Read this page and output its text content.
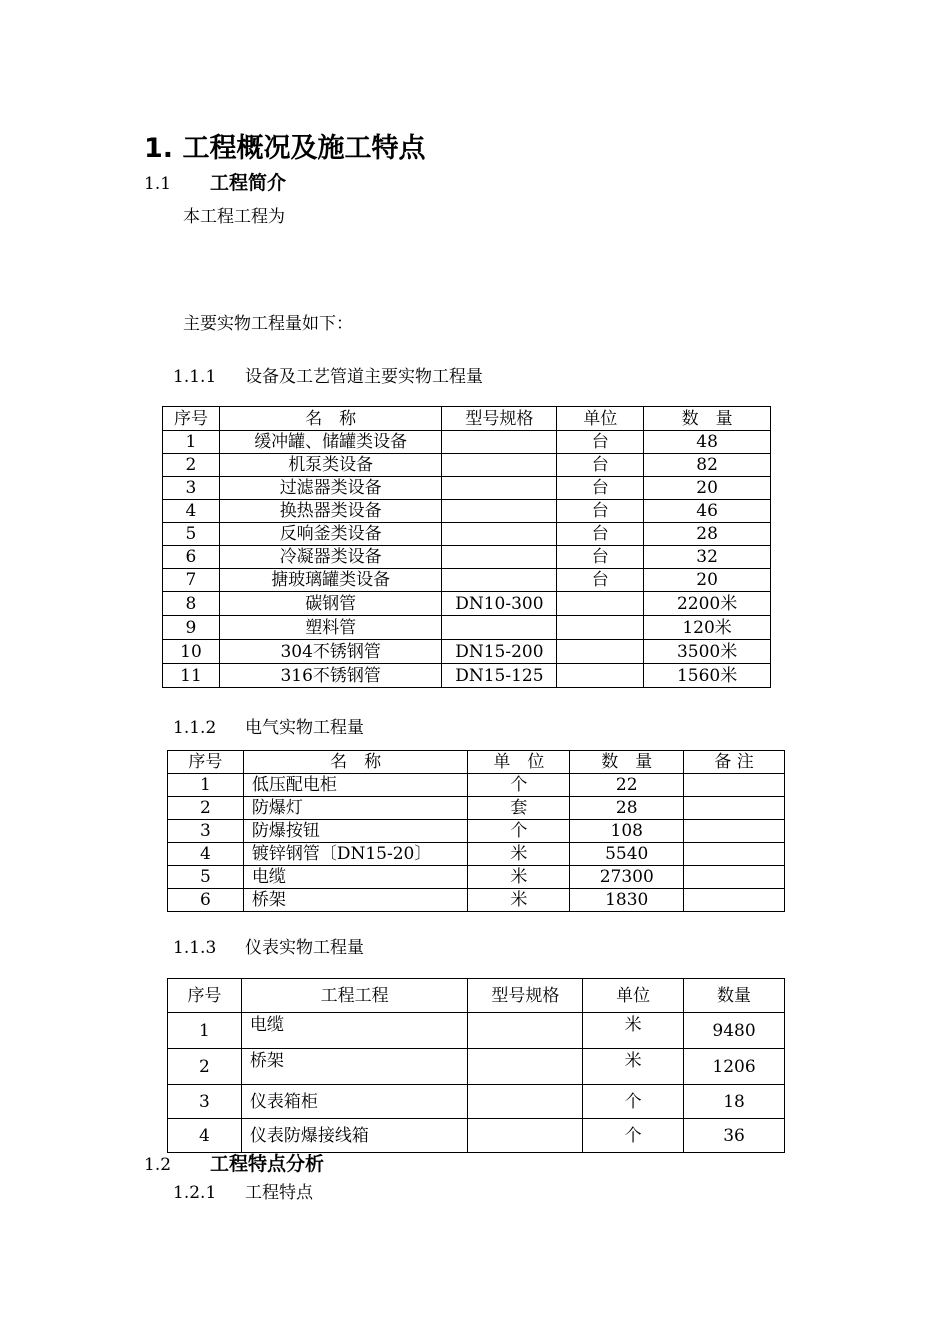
1. 工程概况及施工特点
1.1 工程简介
本工程工程为
主要实物工程量如下：
1.1.1 设备及工艺管道主要实物工程量
序号	名　称	型号规格	单位	数　量
1	缓冲罐、储罐类设备		台	48
2	机泵类设备		台	82
3	过滤器类设备		台	20
4	换热器类设备		台	46
5	反响釜类设备		台	28
6	冷凝器类设备		台	32
7	搪玻璃罐类设备		台	20
8	碳钢管	DN10-300		2200米
9	塑料管			120米
10	304不锈钢管	DN15-200		3500米
11	316不锈钢管	DN15-125		1560米
1.1.2 电气实物工程量
序号	名　称	单　位	数　量	备 注
1	低压配电柜	个	22	
2	防爆灯	套	28	
3	防爆按钮	个	108	
4	镀锌钢管〔DN15-20〕	米	5540	
5	电缆	米	27300	
6	桥架	米	1830	
1.1.3 仪表实物工程量
序号	工程工程	型号规格	单位	数量
1	电缆		米	9480
2	桥架		米	1206
3	仪表箱柜		个	18
4	仪表防爆接线箱		个	36
1.2 工程特点分析
1.2.1 工程特点
